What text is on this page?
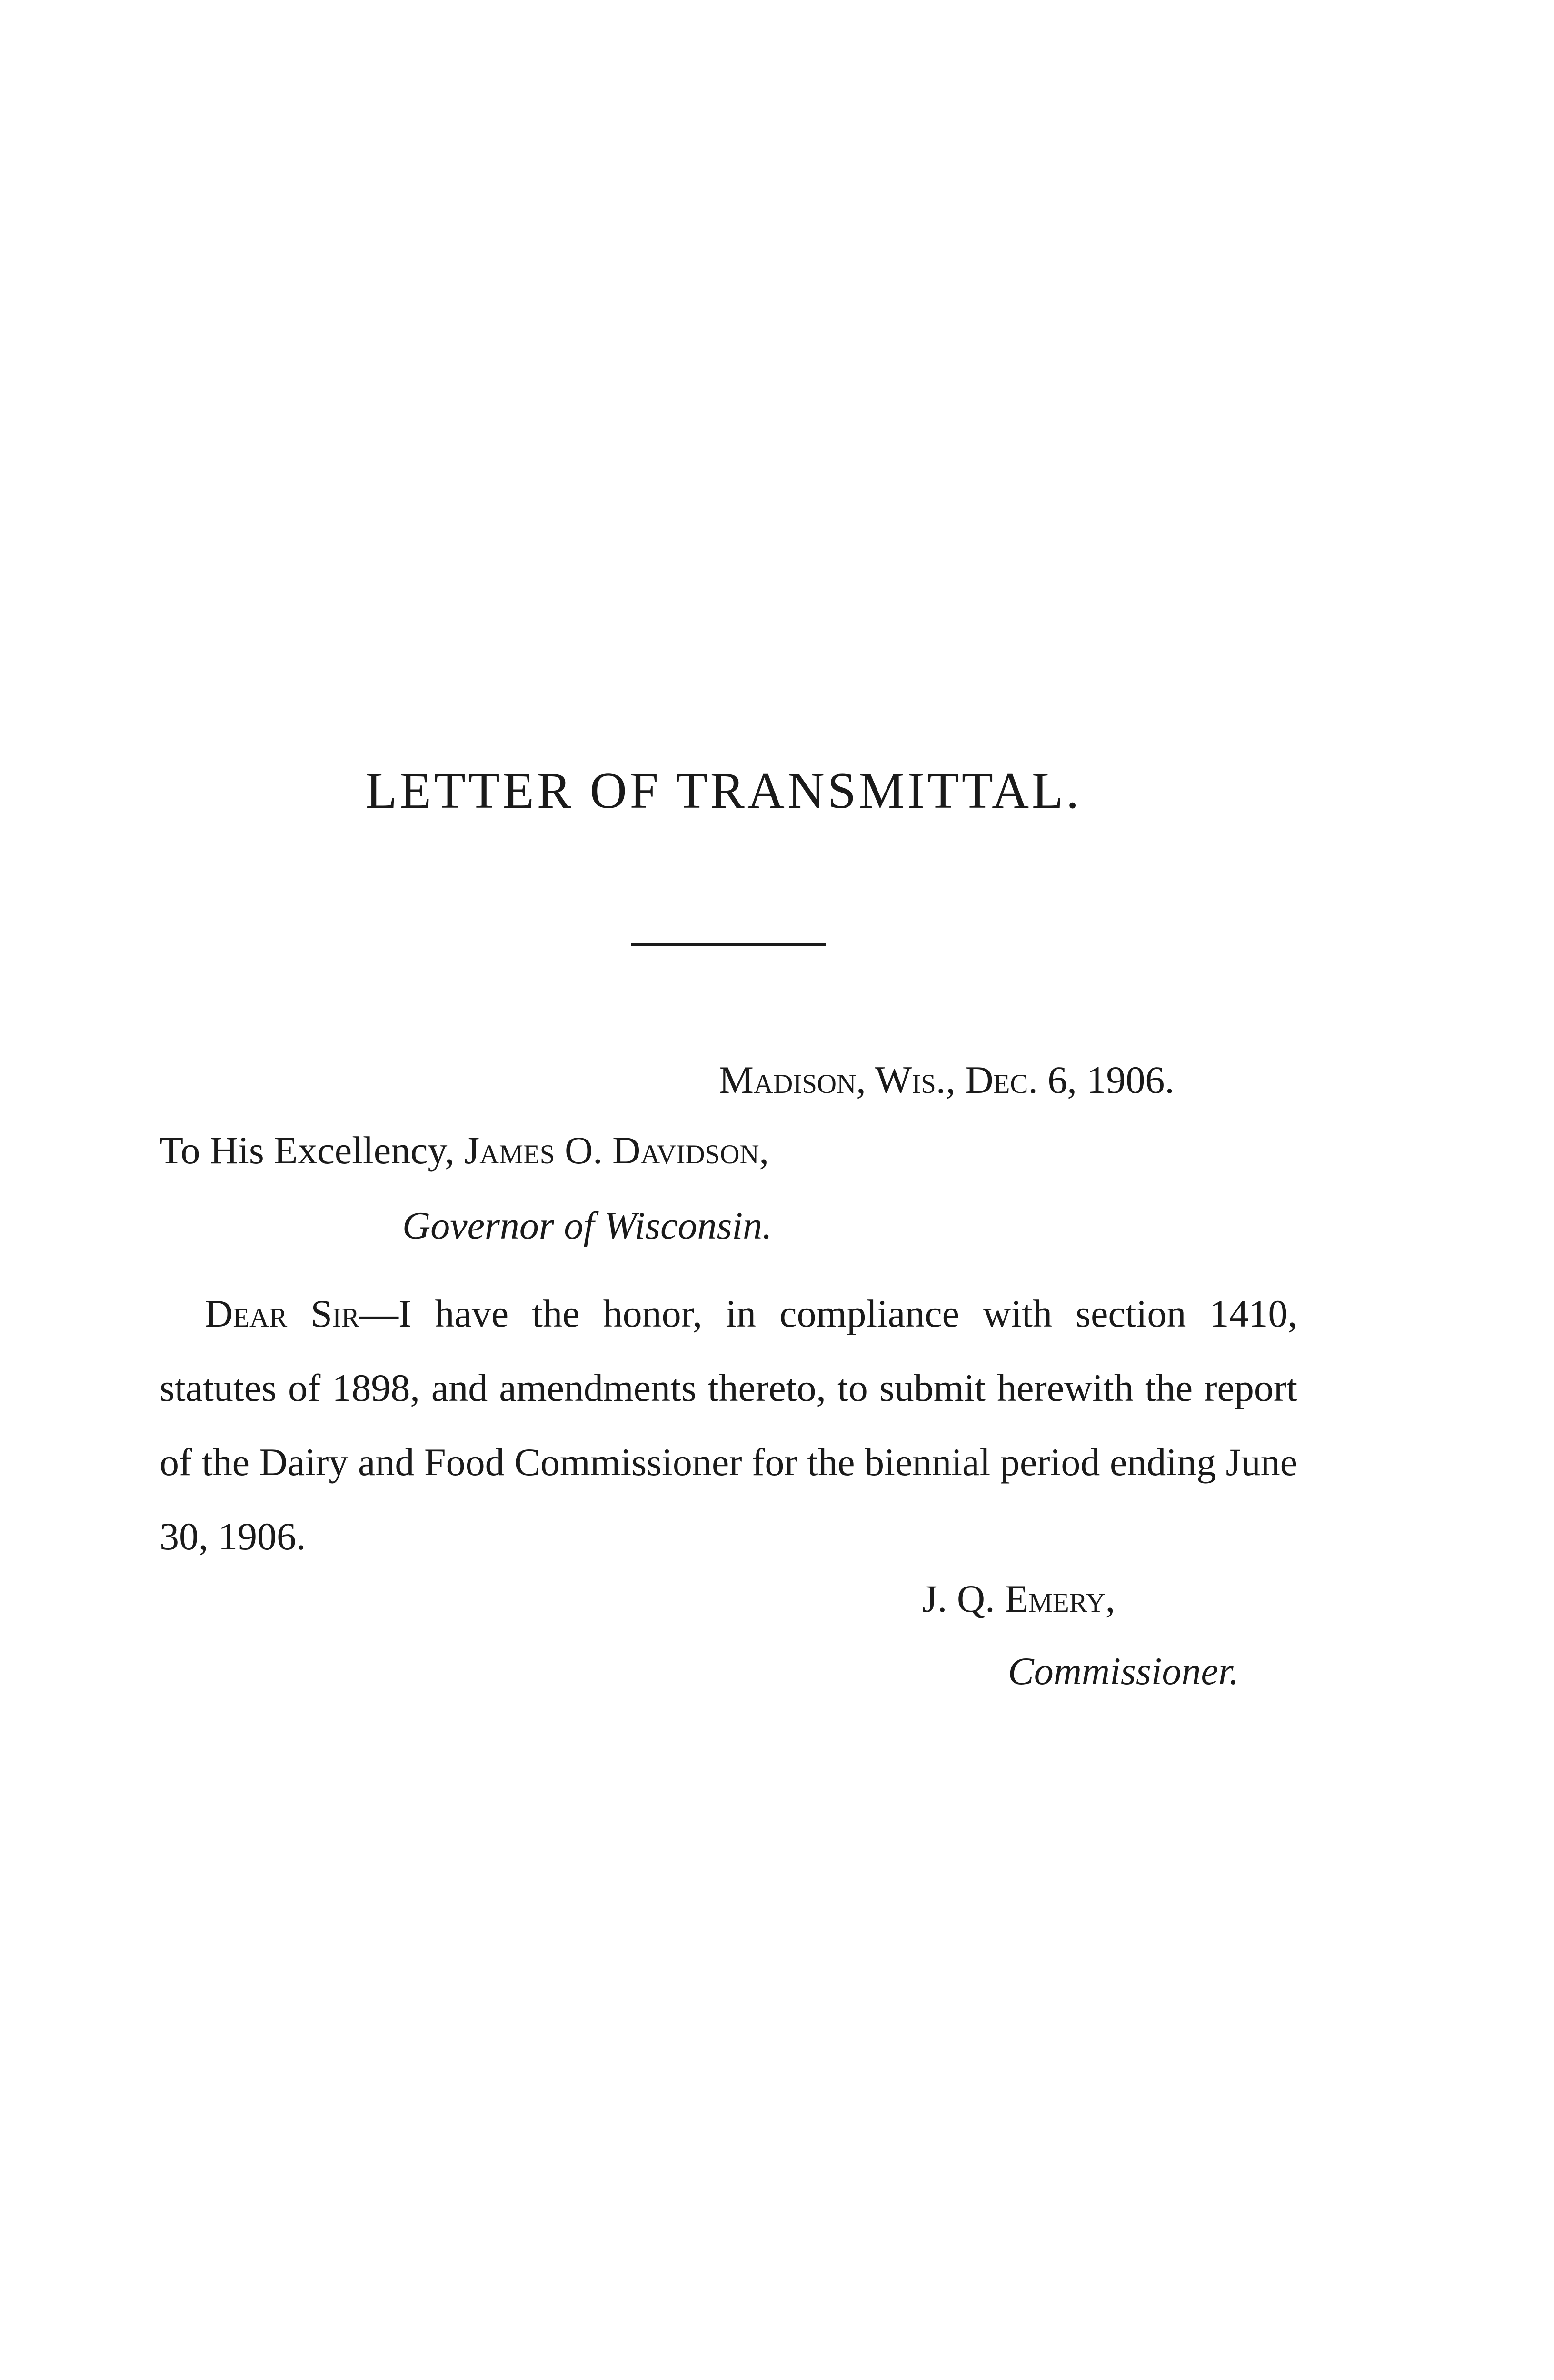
LETTER OF TRANSMITTAL.
Madison, Wis., Dec. 6, 1906.
To His Excellency, James O. Davidson,
Governor of Wisconsin.

Dear Sir—I have the honor, in compliance with section 1410, statutes of 1898, and amendments thereto, to submit herewith the report of the Dairy and Food Commissioner for the biennial period ending June 30, 1906.

J. Q. Emery,
Commissioner.
